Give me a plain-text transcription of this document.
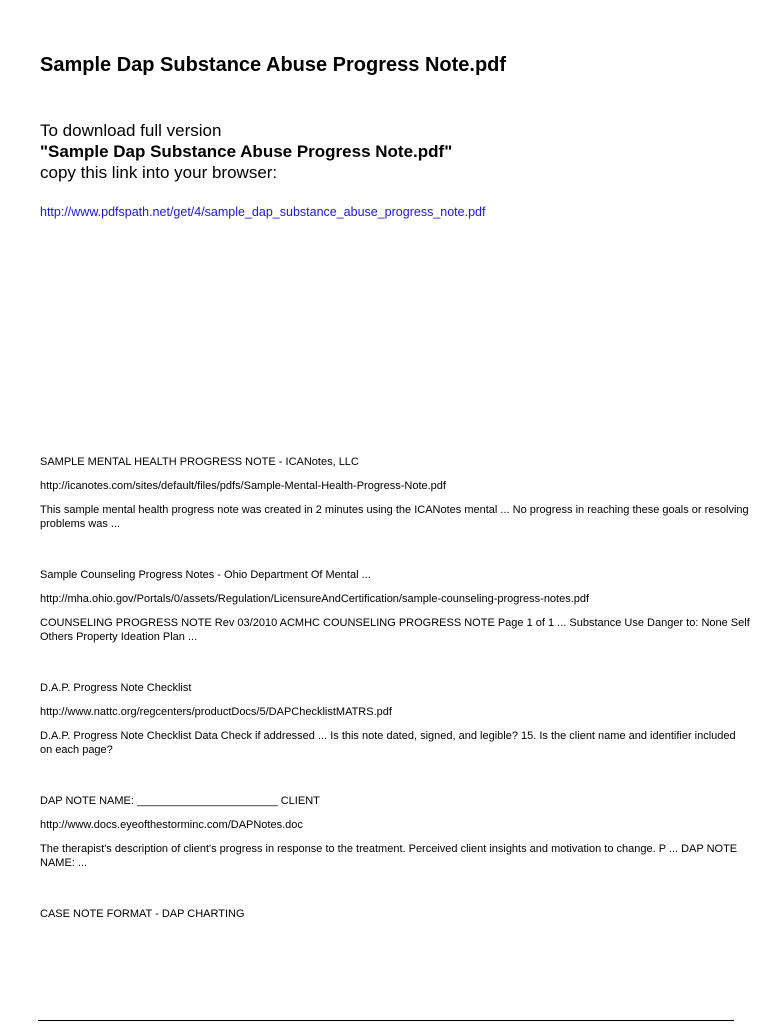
Sample Dap Substance Abuse Progress Note.pdf
To download full version
"Sample Dap Substance Abuse Progress Note.pdf"
copy this link into your browser:
http://www.pdfspath.net/get/4/sample_dap_substance_abuse_progress_note.pdf
SAMPLE MENTAL HEALTH PROGRESS NOTE - ICANotes, LLC
http://icanotes.com/sites/default/files/pdfs/Sample-Mental-Health-Progress-Note.pdf
This sample mental health progress note was created in 2 minutes using the ICANotes mental ... No progress in reaching these goals or resolving problems was ...
Sample Counseling Progress Notes - Ohio Department Of Mental ...
http://mha.ohio.gov/Portals/0/assets/Regulation/LicensureAndCertification/sample-counseling-progress-notes.pdf
COUNSELING PROGRESS NOTE Rev 03/2010 ACMHC COUNSELING PROGRESS NOTE Page 1 of 1 ... Substance Use Danger to: None Self Others Property Ideation Plan ...
D.A.P. Progress Note Checklist
http://www.nattc.org/regcenters/productDocs/5/DAPChecklistMATRS.pdf
D.A.P. Progress Note Checklist Data Check if addressed ... Is this note dated, signed, and legible? 15. Is the client name and identifier included on each page?
DAP NOTE NAME: _______________________ CLIENT
http://www.docs.eyeofthestorminc.com/DAPNotes.doc
The therapist's description of client's progress in response to the treatment. Perceived client insights and motivation to change. P ... DAP NOTE NAME: ...
CASE NOTE FORMAT - DAP CHARTING
